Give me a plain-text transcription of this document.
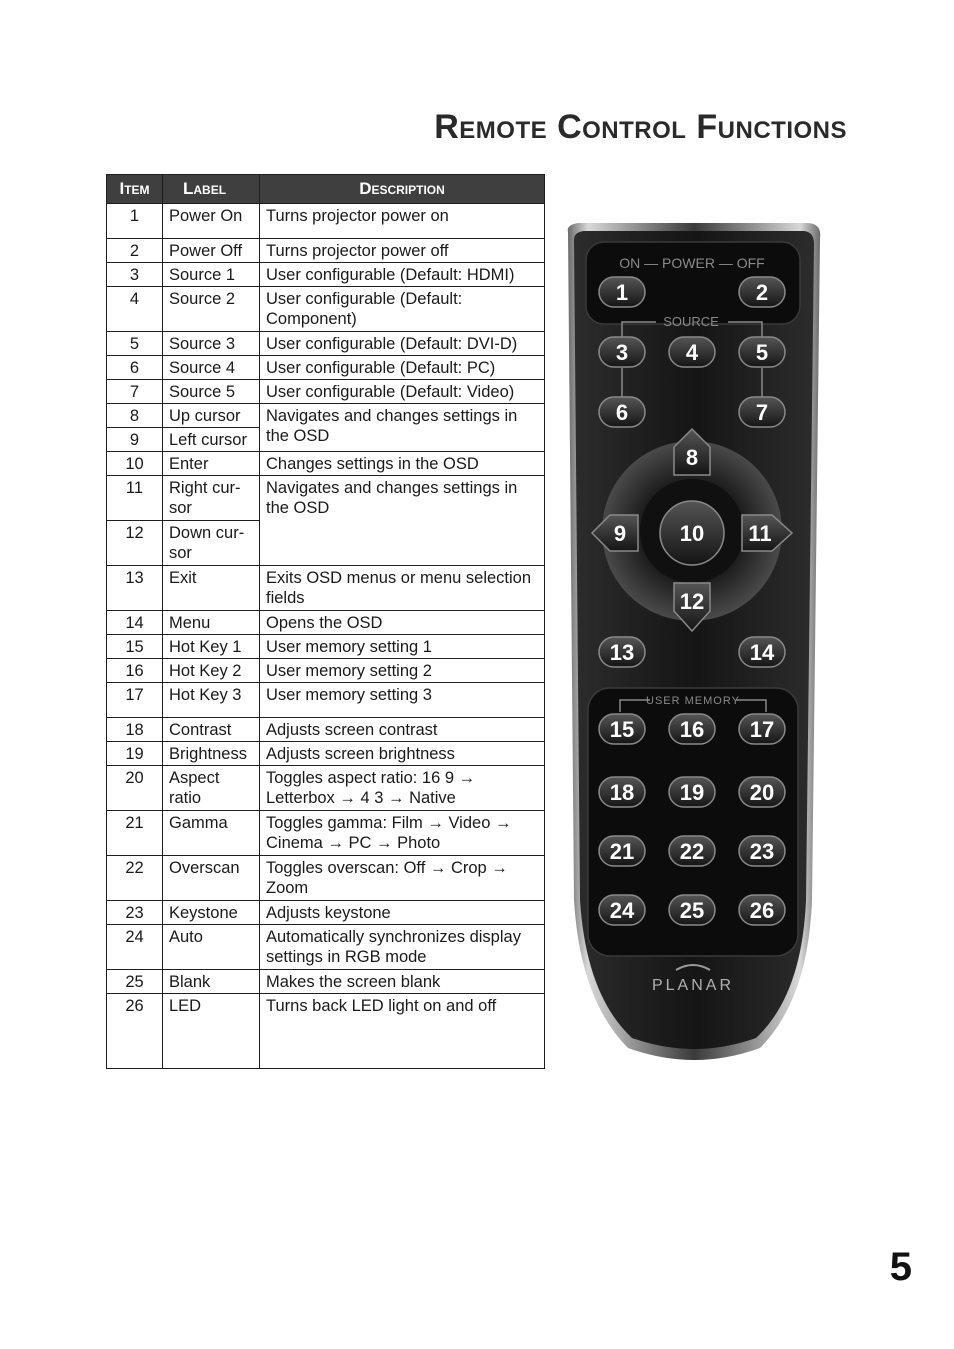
Remote Control Functions
Item	Label	Description
1	Power On	Turns projector power on
2	Power Off	Turns projector power off
3	Source 1	User configurable (Default: HDMI)
4	Source 2	User configurable (Default: Component)
5	Source 3	User configurable (Default: DVI-D)
6	Source 4	User configurable (Default: PC)
7	Source 5	User configurable (Default: Video)
8	Up cursor	Navigates and changes settings in the OSD
9	Left cursor	
10	Enter	Changes settings in the OSD
11	Right cur-sor	Navigates and changes settings in the OSD
12	Down cur-sor	
13	Exit	Exits OSD menus or menu selection fields
14	Menu	Opens the OSD
15	Hot Key 1	User memory setting 1
16	Hot Key 2	User memory setting 2
17	Hot Key 3	User memory setting 3
18	Contrast	Adjusts screen contrast
19	Brightness	Adjusts screen brightness
20	Aspect ratio	Toggles aspect ratio: 16 9 → Letterbox → 4 3 → Native
21	Gamma	Toggles gamma: Film → Video → Cinema → PC → Photo
22	Overscan	Toggles overscan: Off → Crop → Zoom
23	Keystone	Adjusts keystone
24	Auto	Automatically synchronizes display settings in RGB mode
25	Blank	Makes the screen blank
26	LED	Turns back LED light on and off
ON — POWER — OFF
SOURCE
USER MEMORY
PLANAR
1	2
3	4	5
6	7
8
9 10 11
12
13	14
15 16 17
18 19 20
21 22 23
24 25 26
5
